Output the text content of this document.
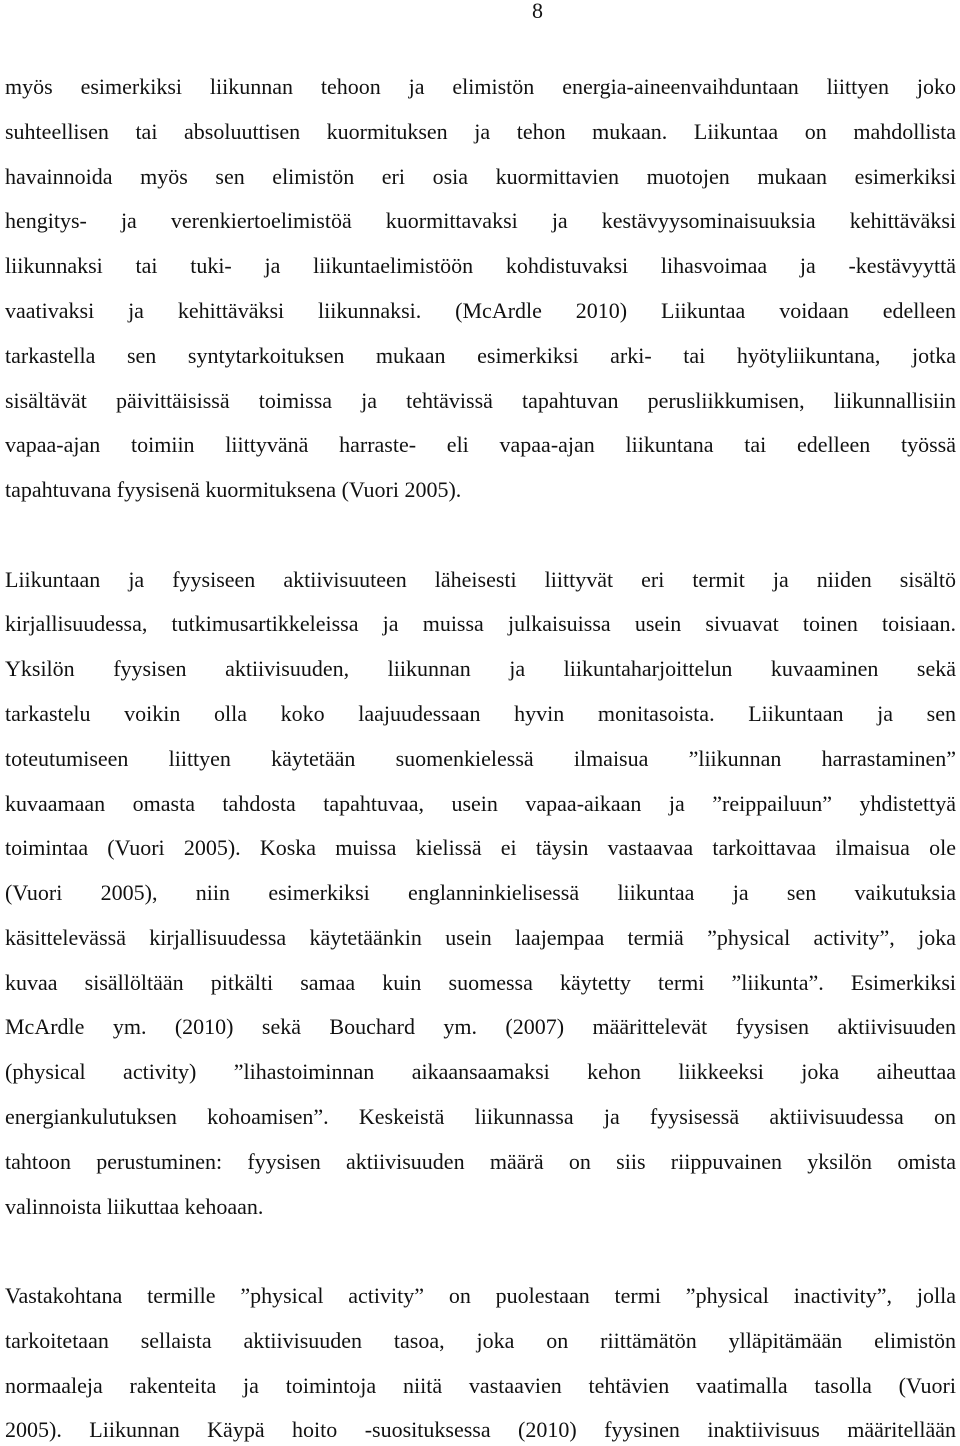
8
myös esimerkiksi liikunnan tehoon ja elimistön energia-aineenvaihduntaan liittyen joko
suhteellisen tai absoluuttisen kuormituksen ja tehon mukaan. Liikuntaa on mahdollista
havainnoida myös sen elimistön eri osia kuormittavien muotojen mukaan esimerkiksi
hengitys- ja verenkiertoelimistöä kuormittavaksi ja kestävyysominaisuuksia kehittäväksi
liikunnaksi tai tuki- ja liikuntaelimistöön kohdistuvaksi lihasvoimaa ja -kestävyyttä
vaativaksi ja kehittäväksi liikunnaksi. (McArdle 2010) Liikuntaa voidaan edelleen
tarkastella sen syntytarkoituksen mukaan esimerkiksi arki- tai hyötyliikuntana, jotka
sisältävät päivittäisissä toimissa ja tehtävissä tapahtuvan perusliikkumisen, liikunnallisiin
vapaa-ajan toimiin liittyvänä harraste- eli vapaa-ajan liikuntana tai edelleen työssä
tapahtuvana fyysisenä kuormituksena (Vuori 2005).
Liikuntaan ja fyysiseen aktiivisuuteen läheisesti liittyvät eri termit ja niiden sisältö
kirjallisuudessa, tutkimusartikkeleissa ja muissa julkaisuissa usein sivuavat toinen toisiaan.
Yksilön fyysisen aktiivisuuden, liikunnan ja liikuntaharjoittelun kuvaaminen sekä
tarkastelu voikin olla koko laajuudessaan hyvin monitasoista. Liikuntaan ja sen
toteutumiseen liittyen käytetään suomenkielessä ilmaisua ”liikunnan harrastaminen”
kuvaamaan omasta tahdosta tapahtuvaa, usein vapaa-aikaan ja ”reippailuun” yhdistettyä
toimintaa (Vuori 2005). Koska muissa kielissä ei täysin vastaavaa tarkoittavaa ilmaisua ole
(Vuori 2005), niin esimerkiksi englanninkielisessä liikuntaa ja sen vaikutuksia
käsittelevässä kirjallisuudessa käytetäänkin usein laajempaa termiä ”physical activity”, joka
kuvaa sisällöltään pitkälti samaa kuin suomessa käytetty termi ”liikunta”. Esimerkiksi
McArdle ym. (2010) sekä Bouchard ym. (2007) määrittelevät fyysisen aktiivisuuden
(physical activity) ”lihastoiminnan aikaansaamaksi kehon liikkeeksi joka aiheuttaa
energiankulutuksen kohoamisen”. Keskeistä liikunnassa ja fyysisessä aktiivisuudessa on
tahtoon perustuminen: fyysisen aktiivisuuden määrä on siis riippuvainen yksilön omista
valinnoista liikuttaa kehoaan.
Vastakohtana termille ”physical activity” on puolestaan termi ”physical inactivity”, jolla
tarkoitetaan sellaista aktiivisuuden tasoa, joka on riittämätön ylläpitämään elimistön
normaaleja rakenteita ja toimintoja niitä vastaavien tehtävien vaatimalla tasolla (Vuori
2005). Liikunnan Käypä hoito -suosituksessa (2010) fyysinen inaktiivisuus määritellään
